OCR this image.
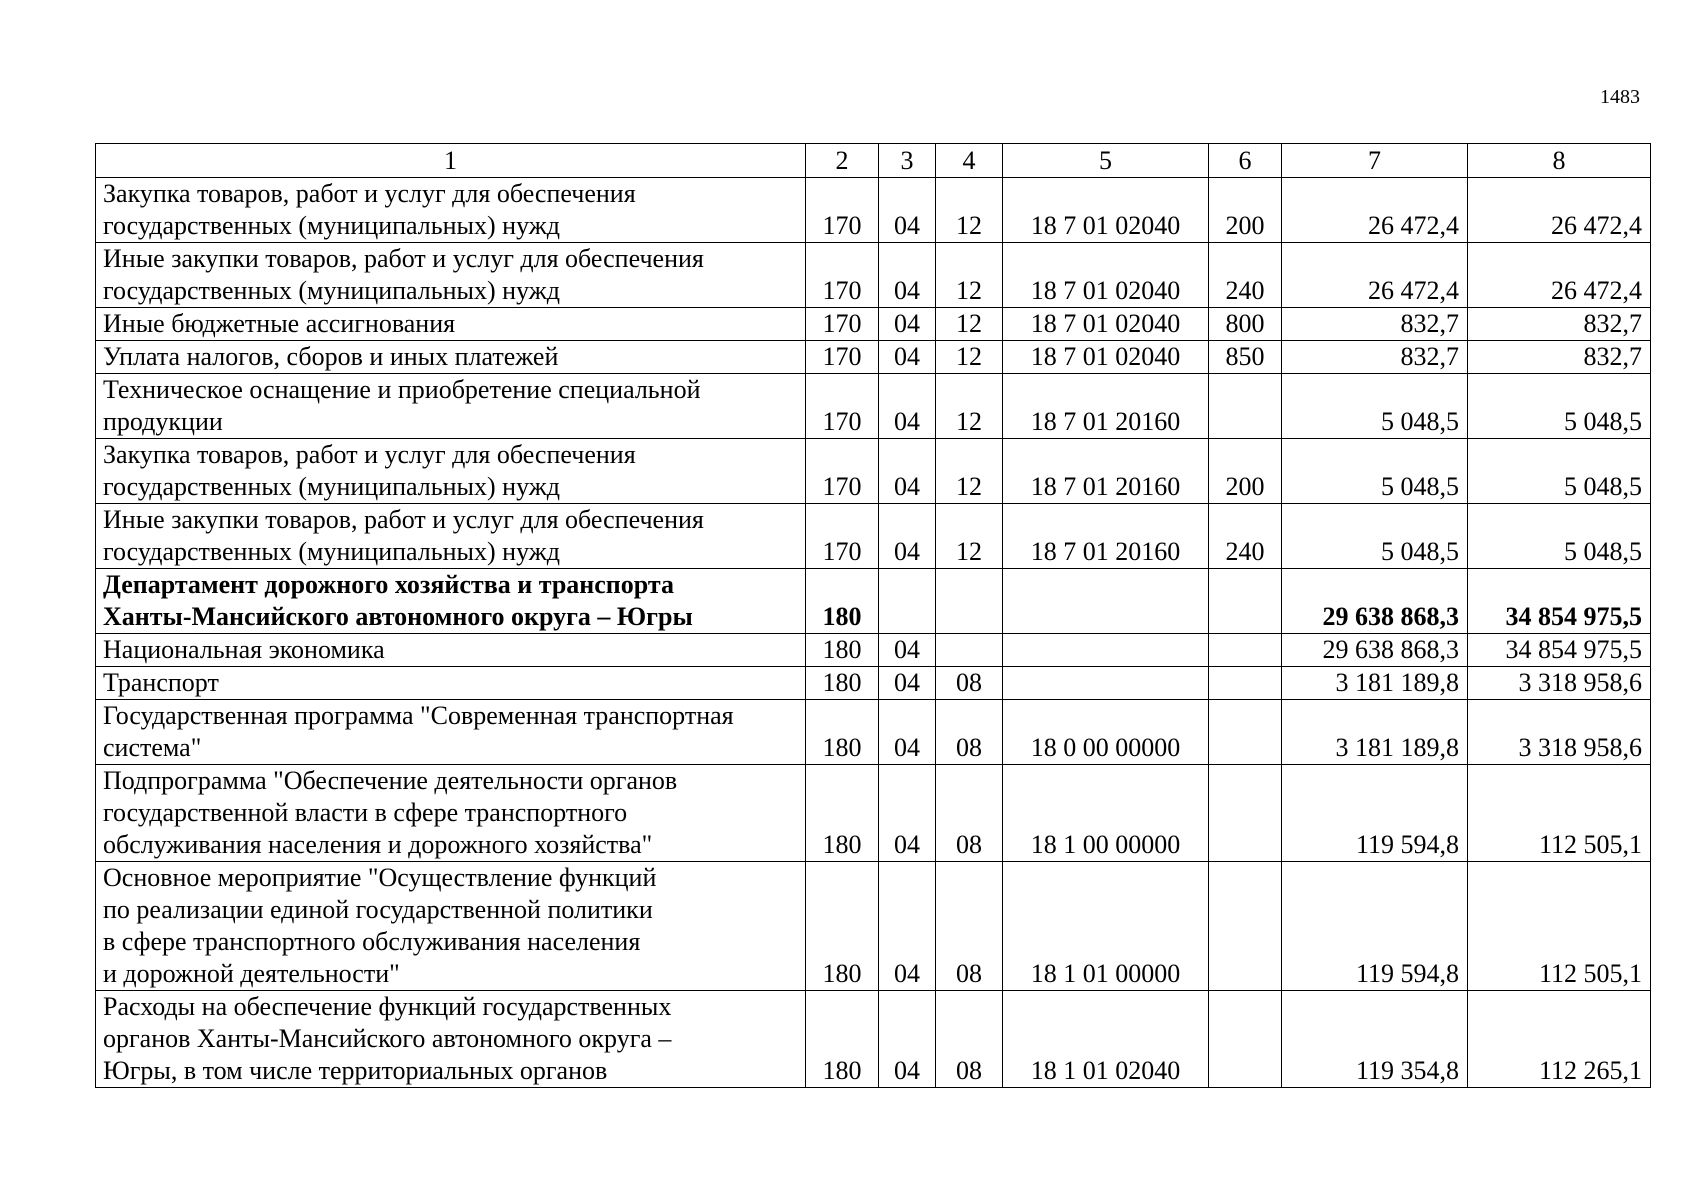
1483
1	2	3	4	5	6	7	8
Закупка товаров, работ и услуг для обеспечения
государственных (муниципальных) нужд	170	04	12	18 7 01 02040	200	26 472,4	26 472,4
Иные закупки товаров, работ и услуг для обеспечения
государственных (муниципальных) нужд	170	04	12	18 7 01 02040	240	26 472,4	26 472,4
Иные бюджетные ассигнования	170	04	12	18 7 01 02040	800	832,7	832,7
Уплата налогов, сборов и иных платежей	170	04	12	18 7 01 02040	850	832,7	832,7
Техническое оснащение и приобретение специальной
продукции	170	04	12	18 7 01 20160		5 048,5	5 048,5
Закупка товаров, работ и услуг для обеспечения
государственных (муниципальных) нужд	170	04	12	18 7 01 20160	200	5 048,5	5 048,5
Иные закупки товаров, работ и услуг для обеспечения
государственных (муниципальных) нужд	170	04	12	18 7 01 20160	240	5 048,5	5 048,5
Департамент дорожного хозяйства и транспорта
Ханты-Мансийского автономного округа – Югры	180					29 638 868,3	34 854 975,5
Национальная экономика	180	04				29 638 868,3	34 854 975,5
Транспорт	180	04	08			3 181 189,8	3 318 958,6
Государственная программа "Современная транспортная
система"	180	04	08	18 0 00 00000		3 181 189,8	3 318 958,6
Подпрограмма "Обеспечение деятельности органов
государственной власти в сфере транспортного
обслуживания населения и дорожного хозяйства"	180	04	08	18 1 00 00000		119 594,8	112 505,1
Основное мероприятие "Осуществление функций
по реализации единой государственной политики
в сфере транспортного обслуживания населения
и дорожной деятельности"	180	04	08	18 1 01 00000		119 594,8	112 505,1
Расходы на обеспечение функций государственных
органов Ханты-Мансийского автономного округа –
Югры, в том числе территориальных органов	180	04	08	18 1 01 02040		119 354,8	112 265,1
